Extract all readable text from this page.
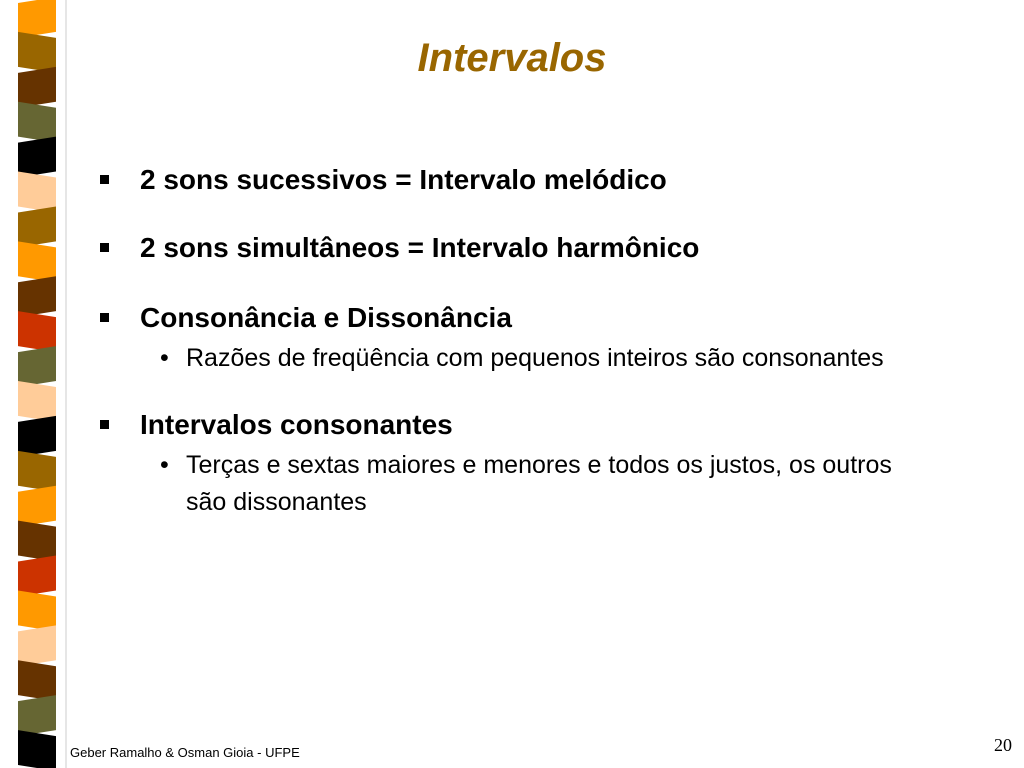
Intervalos
2 sons sucessivos = Intervalo melódico
2 sons simultâneos = Intervalo harmônico
Consonância e Dissonância
• Razões de freqüência com pequenos inteiros são consonantes
Intervalos consonantes
• Terças e sextas maiores e menores e todos os justos, os outros são dissonantes
Geber Ramalho & Osman Gioia - UFPE	20
